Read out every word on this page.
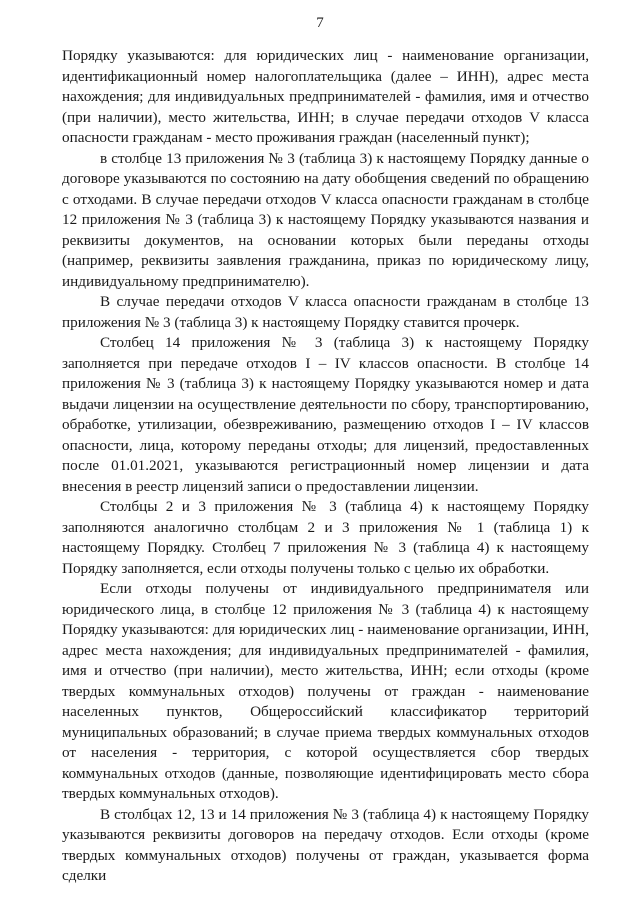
7

Порядку указываются: для юридических лиц - наименование организации, идентификационный номер налогоплательщика (далее – ИНН), адрес места нахождения; для индивидуальных предпринимателей - фамилия, имя и отчество (при наличии), место жительства, ИНН; в случае передачи отходов V класса опасности гражданам - место проживания граждан (населенный пункт);

в столбце 13 приложения № 3 (таблица 3) к настоящему Порядку данные о договоре указываются по состоянию на дату обобщения сведений по обращению с отходами. В случае передачи отходов V класса опасности гражданам в столбце 12 приложения № 3 (таблица 3) к настоящему Порядку указываются названия и реквизиты документов, на основании которых были переданы отходы (например, реквизиты заявления гражданина, приказ по юридическому лицу, индивидуальному предпринимателю).

В случае передачи отходов V класса опасности гражданам в столбце 13 приложения № 3 (таблица 3) к настоящему Порядку ставится прочерк.

Столбец 14 приложения № 3 (таблица 3) к настоящему Порядку заполняется при передаче отходов I – IV классов опасности. В столбце 14 приложения № 3 (таблица 3) к настоящему Порядку указываются номер и дата выдачи лицензии на осуществление деятельности по сбору, транспортированию, обработке, утилизации, обезвреживанию, размещению отходов I – IV классов опасности, лица, которому переданы отходы; для лицензий, предоставленных после 01.01.2021, указываются регистрационный номер лицензии и дата внесения в реестр лицензий записи о предоставлении лицензии.

Столбцы 2 и 3 приложения № 3 (таблица 4) к настоящему Порядку заполняются аналогично столбцам 2 и 3 приложения № 1 (таблица 1) к настоящему Порядку. Столбец 7 приложения № 3 (таблица 4) к настоящему Порядку заполняется, если отходы получены только с целью их обработки.

Если отходы получены от индивидуального предпринимателя или юридического лица, в столбце 12 приложения № 3 (таблица 4) к настоящему Порядку указываются: для юридических лиц - наименование организации, ИНН, адрес места нахождения; для индивидуальных предпринимателей - фамилия, имя и отчество (при наличии), место жительства, ИНН; если отходы (кроме твердых коммунальных отходов) получены от граждан - наименование населенных пунктов, Общероссийский классификатор территорий муниципальных образований; в случае приема твердых коммунальных отходов от населения - территория, с которой осуществляется сбор твердых коммунальных отходов (данные, позволяющие идентифицировать место сбора твердых коммунальных отходов).

В столбцах 12, 13 и 14 приложения № 3 (таблица 4) к настоящему Порядку указываются реквизиты договоров на передачу отходов. Если отходы (кроме твердых коммунальных отходов) получены от граждан, указывается форма сделки
